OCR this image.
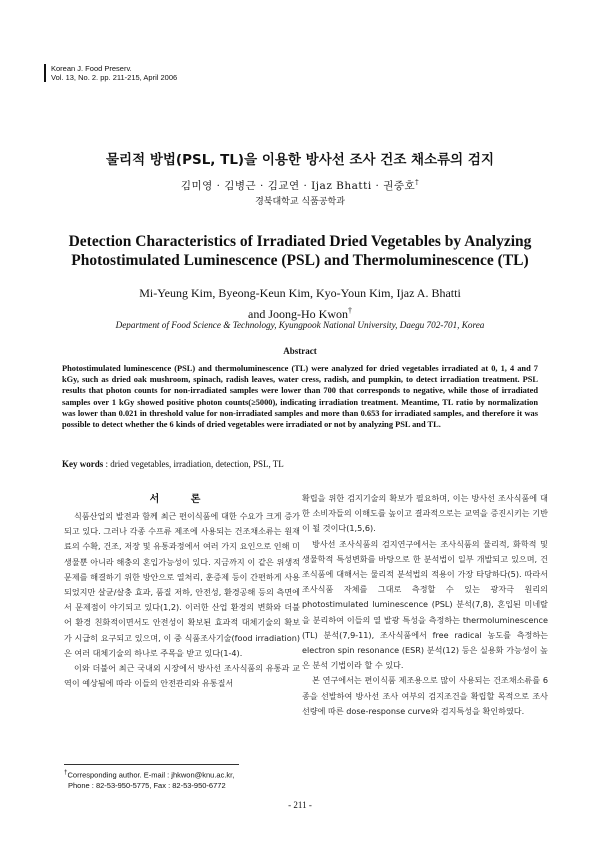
Korean J. Food Preserv.
Vol. 13, No. 2. pp. 211-215, April 2006
물리적 방법(PSL, TL)을 이용한 방사선 조사 건조 채소류의 검지
김미영 · 김병근 · 김교연 · Ijaz Bhatti · 권중호†
경북대학교 식품공학과
Detection Characteristics of Irradiated Dried Vegetables by Analyzing Photostimulated Luminescence (PSL) and Thermoluminescence (TL)
Mi-Yeung Kim, Byeong-Keun Kim, Kyo-Youn Kim, Ijaz A. Bhatti
and Joong-Ho Kwon†
Department of Food Science & Technology, Kyungpook National University, Daegu 702-701, Korea
Abstract
Photostimulated luminescence (PSL) and thermoluminescence (TL) were analyzed for dried vegetables irradiated at 0, 1, 4 and 7 kGy, such as dried oak mushroom, spinach, radish leaves, water cress, radish, and pumpkin, to detect irradiation treatment. PSL results that photon counts for non-irradiated samples were lower than 700 that corresponds to negative, while those of irradiated samples over 1 kGy showed positive photon counts(≥5000), indicating irradiation treatment. Meantime, TL ratio by normalization was lower than 0.021 in threshold value for non-irradiated samples and more than 0.653 for irradiated samples, and therefore it was possible to detect whether the 6 kinds of dried vegetables were irradiated or not by analyzing PSL and TL.
Key words : dried vegetables, irradiation, detection, PSL, TL
서 론

식품산업의 발전과 함께 최근 편이식품에 대한 수요가 크게 증가되고 있다. 그러나 각종 수프류 제조에 사용되는 건조채소류는 원재료의 수확, 건조, 저장 및 유통과정에서 여러 가지 요인으로 인해 미생물뿐 아니라 해충의 혼입가능성이 있다. 지금까지 이 같은 위생적 문제를 해결하기 위한 방안으로 열처리, 훈증제 등이 간편하게 사용되었지만 살균/살충 효과, 품질 저하, 안전성, 환경공해 등의 측면에서 문제점이 야기되고 있다(1,2). 이러한 산업 환경의 변화와 더불어 환경 친화적이면서도 안전성이 확보된 효과적 대체기술의 확보가 시급히 요구되고 있으며, 이 중 식품조사기술(food irradiation)은 여러 대체기술의 하나로 주목을 받고 있다(1-4).

이와 더불어 최근 국내외 시장에서 방사선 조사식품의 유통과 교역이 예상됨에 따라 이들의 안전관리와 유통질서

확립을 위한 검지기술의 확보가 필요하며, 이는 방사선 조사식품에 대한 소비자들의 이해도를 높이고 결과적으로는 교역을 증진시키는 기반이 될 것이다(1,5,6).

방사선 조사식품의 검지연구에서는 조사식품의 물리적, 화학적 및 생물학적 특성변화를 바탕으로 한 분석법이 일부 개발되고 있으며, 건조식품에 대해서는 물리적 분석법의 적용이 가장 타당하다(5). 따라서 조사식품 자체를 그대로 측정할 수 있는 광자극 원리의 photostimulated luminescence (PSL) 분석(7,8), 혼입된 미네랄을 분리하여 이들의 열 발광 특성을 측정하는 thermoluminescence (TL) 분석(7,9-11), 조사식품에서 free radical 농도를 측정하는 electron spin resonance (ESR) 분석(12) 등은 실용화 가능성이 높은 분석 기법이라 할 수 있다.

본 연구에서는 편이식품 제조용으로 많이 사용되는 건조채소류를 6종을 선발하여 방사선 조사 여부의 검지조건을 확립할 목적으로 조사선량에 따른 dose-response curve와 검지특성을 확인하였다.

†Corresponding author. E-mail : jhkwon@knu.ac.kr,
Phone : 82-53-950-5775, Fax : 82-53-950-6772
- 211 -
